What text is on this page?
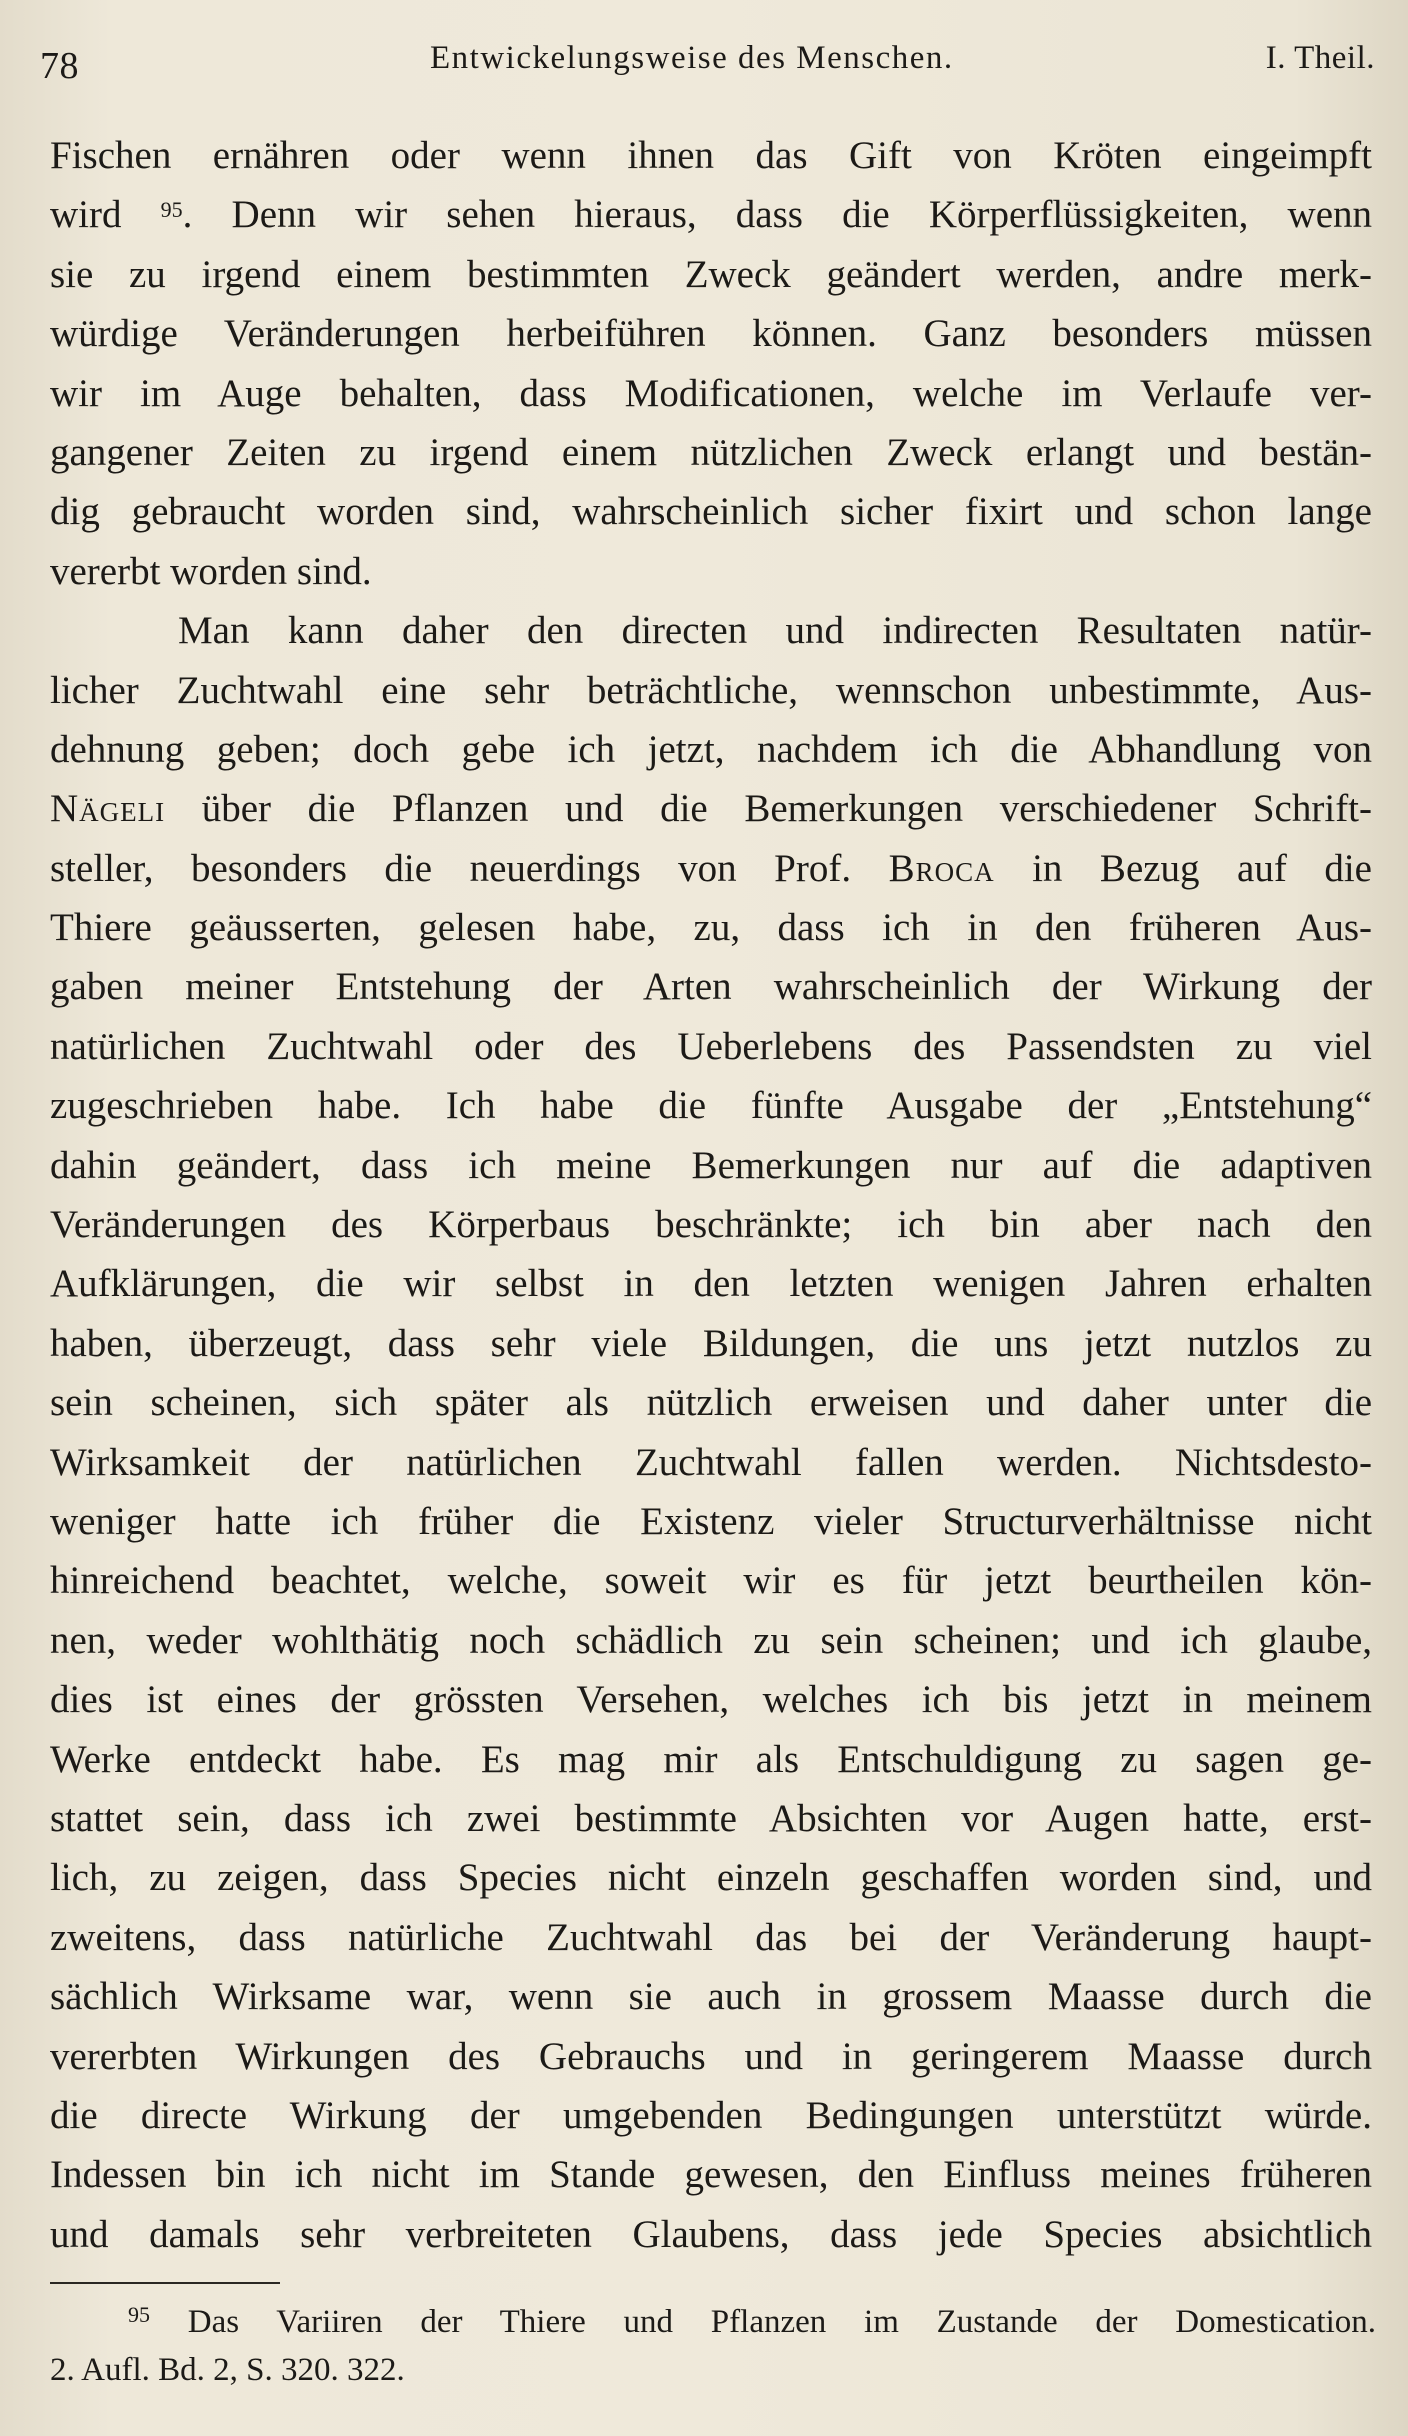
78	Entwickelungsweise des Menschen.	I. Theil.
Fischen ernähren oder wenn ihnen das Gift von Kröten eingeimpft
wird $^{95}$. Denn wir sehen hieraus, dass die Körperflüssigkeiten, wenn
sie zu irgend einem bestimmten Zweck geändert werden, andre merk-
würdige Veränderungen herbeiführen können. Ganz besonders müssen
wir im Auge behalten, dass Modificationen, welche im Verlaufe ver-
gangener Zeiten zu irgend einem nützlichen Zweck erlangt und bestän-
dig gebraucht worden sind, wahrscheinlich sicher fixirt und schon lange
vererbt worden sind.
Man kann daher den directen und indirecten Resultaten natür-
licher Zuchtwahl eine sehr beträchtliche, wennschon unbestimmte, Aus-
dehnung geben; doch gebe ich jetzt, nachdem ich die Abhandlung von
Nägeli über die Pflanzen und die Bemerkungen verschiedener Schrift-
steller, besonders die neuerdings von Prof. Broca in Bezug auf die
Thiere geäusserten, gelesen habe, zu, dass ich in den früheren Aus-
gaben meiner Entstehung der Arten wahrscheinlich der Wirkung der
natürlichen Zuchtwahl oder des Ueberlebens des Passendsten zu viel
zugeschrieben habe. Ich habe die fünfte Ausgabe der „Entstehung“
dahin geändert, dass ich meine Bemerkungen nur auf die adaptiven
Veränderungen des Körperbaus beschränkte; ich bin aber nach den
Aufklärungen, die wir selbst in den letzten wenigen Jahren erhalten
haben, überzeugt, dass sehr viele Bildungen, die uns jetzt nutzlos zu
sein scheinen, sich später als nützlich erweisen und daher unter die
Wirksamkeit der natürlichen Zuchtwahl fallen werden. Nichtsdesto-
weniger hatte ich früher die Existenz vieler Structurverhältnisse nicht
hinreichend beachtet, welche, soweit wir es für jetzt beurtheilen kön-
nen, weder wohlthätig noch schädlich zu sein scheinen; und ich glaube,
dies ist eines der grössten Versehen, welches ich bis jetzt in meinem
Werke entdeckt habe. Es mag mir als Entschuldigung zu sagen ge-
stattet sein, dass ich zwei bestimmte Absichten vor Augen hatte, erst-
lich, zu zeigen, dass Species nicht einzeln geschaffen worden sind, und
zweitens, dass natürliche Zuchtwahl das bei der Veränderung haupt-
sächlich Wirksame war, wenn sie auch in grossem Maasse durch die
vererbten Wirkungen des Gebrauchs und in geringerem Maasse durch
die directe Wirkung der umgebenden Bedingungen unterstützt würde.
Indessen bin ich nicht im Stande gewesen, den Einfluss meines früheren
und damals sehr verbreiteten Glaubens, dass jede Species absichtlich
$^{95}$ Das Variiren der Thiere und Pflanzen im Zustande der Domestication.
2. Aufl. Bd. 2, S. 320. 322.
